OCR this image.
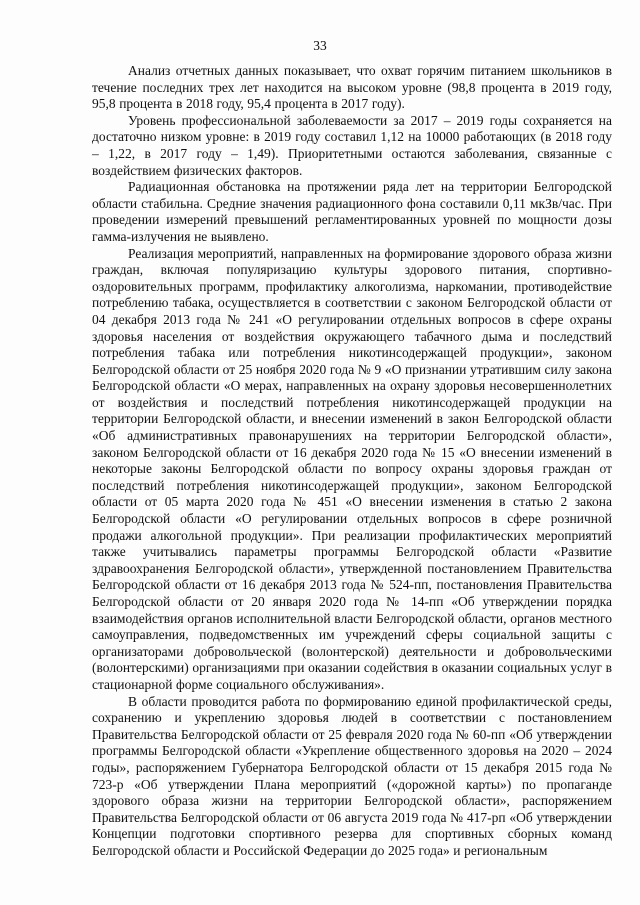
33

Анализ отчетных данных показывает, что охват горячим питанием школьников в течение последних трех лет находится на высоком уровне (98,8 процента в 2019 году, 95,8 процента в 2018 году, 95,4 процента в 2017 году).

Уровень профессиональной заболеваемости за 2017 – 2019 годы сохраняется на достаточно низком уровне: в 2019 году составил 1,12 на 10000 работающих (в 2018 году – 1,22, в 2017 году – 1,49). Приоритетными остаются заболевания, связанные с воздействием физических факторов.

Радиационная обстановка на протяжении ряда лет на территории Белгородской области стабильна. Средние значения радиационного фона составили 0,11 мкЗв/час. При проведении измерений превышений регламентированных уровней по мощности дозы гамма-излучения не выявлено.

Реализация мероприятий, направленных на формирование здорового образа жизни граждан, включая популяризацию культуры здорового питания, спортивно-оздоровительных программ, профилактику алкоголизма, наркомании, противодействие потреблению табака, осуществляется в соответствии с законом Белгородской области от 04 декабря 2013 года № 241 «О регулировании отдельных вопросов в сфере охраны здоровья населения от воздействия окружающего табачного дыма и последствий потребления табака или потребления никотинсодержащей продукции», законом Белгородской области от 25 ноября 2020 года № 9 «О признании утратившим силу закона Белгородской области «О мерах, направленных на охрану здоровья несовершеннолетних от воздействия и последствий потребления никотинсодержащей продукции на территории Белгородской области, и внесении изменений в закон Белгородской области «Об административных правонарушениях на территории Белгородской области», законом Белгородской области от 16 декабря 2020 года № 15 «О внесении изменений в некоторые законы Белгородской области по вопросу охраны здоровья граждан от последствий потребления никотинсодержащей продукции», законом Белгородской области от 05 марта 2020 года № 451 «О внесении изменения в статью 2 закона Белгородской области «О регулировании отдельных вопросов в сфере розничной продажи алкогольной продукции». При реализации профилактических мероприятий также учитывались параметры программы Белгородской области «Развитие здравоохранения Белгородской области», утвержденной постановлением Правительства Белгородской области от 16 декабря 2013 года № 524-пп, постановления Правительства Белгородской области от 20 января 2020 года № 14-пп «Об утверждении порядка взаимодействия органов исполнительной власти Белгородской области, органов местного самоуправления, подведомственных им учреждений сферы социальной защиты с организаторами добровольческой (волонтерской) деятельности и добровольческими (волонтерскими) организациями при оказании содействия в оказании социальных услуг в стационарной форме социального обслуживания».

В области проводится работа по формированию единой профилактической среды, сохранению и укреплению здоровья людей в соответствии с постановлением Правительства Белгородской области от 25 февраля 2020 года № 60-пп «Об утверждении программы Белгородской области «Укрепление общественного здоровья на 2020 – 2024 годы», распоряжением Губернатора Белгородской области от 15 декабря 2015 года № 723-р «Об утверждении Плана мероприятий («дорожной карты») по пропаганде здорового образа жизни на территории Белгородской области», распоряжением Правительства Белгородской области от 06 августа 2019 года № 417-рп «Об утверждении Концепции подготовки спортивного резерва для спортивных сборных команд Белгородской области и Российской Федерации до 2025 года» и региональным
